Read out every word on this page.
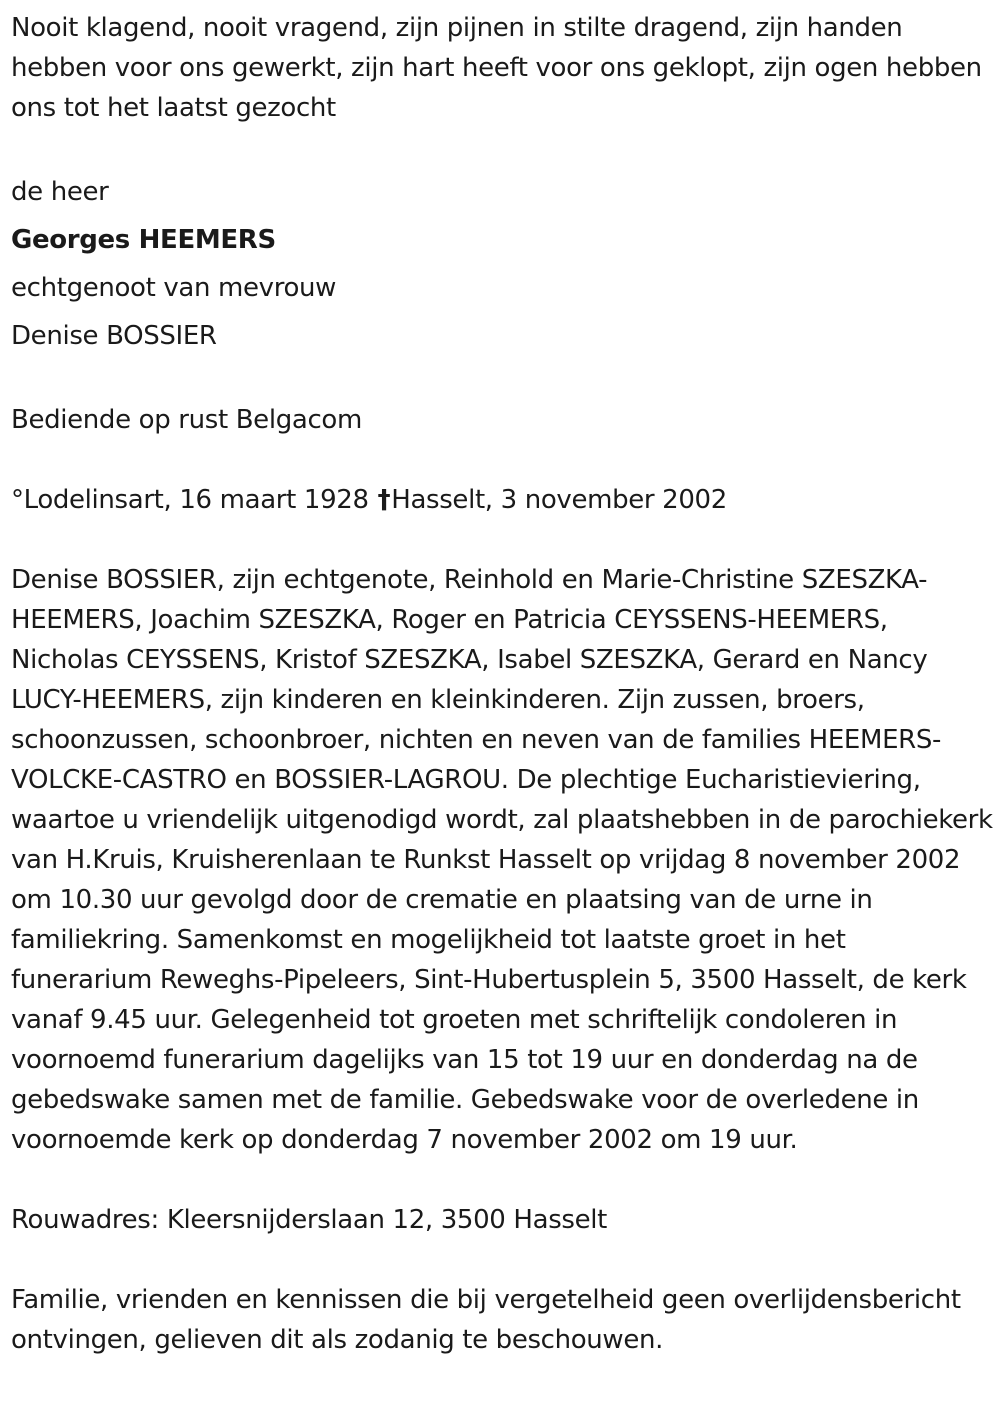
Nooit klagend, nooit vragend, zijn pijnen in stilte dragend, zijn handen hebben voor ons gewerkt, zijn hart heeft voor ons geklopt, zijn ogen hebben ons tot het laatst gezocht

de heer

Georges HEEMERS

echtgenoot van mevrouw

Denise BOSSIER

Bediende op rust Belgacom

°Lodelinsart, 16 maart 1928 †Hasselt, 3 november 2002

Denise BOSSIER, zijn echtgenote, Reinhold en Marie-Christine SZESZKA-HEEMERS, Joachim SZESZKA, Roger en Patricia CEYSSENS-HEEMERS, Nicholas CEYSSENS, Kristof SZESZKA, Isabel SZESZKA, Gerard en Nancy LUCY-HEEMERS, zijn kinderen en kleinkinderen. Zijn zussen, broers, schoonzussen, schoonbroer, nichten en neven van de families HEEMERS-VOLCKE-CASTRO en BOSSIER-LAGROU. De plechtige Eucharistieviering, waartoe u vriendelijk uitgenodigd wordt, zal plaatshebben in de parochiekerk van H.Kruis, Kruisherenlaan te Runkst Hasselt op vrijdag 8 november 2002 om 10.30 uur gevolgd door de crematie en plaatsing van de urne in familiekring. Samenkomst en mogelijkheid tot laatste groet in het funerarium Reweghs-Pipeleers, Sint-Hubertusplein 5, 3500 Hasselt, de kerk vanaf 9.45 uur. Gelegenheid tot groeten met schriftelijk condoleren in voornoemd funerarium dagelijks van 15 tot 19 uur en donderdag na de gebedswake samen met de familie. Gebedswake voor de overledene in voornoemde kerk op donderdag 7 november 2002 om 19 uur.

Rouwadres: Kleersnijderslaan 12, 3500 Hasselt

Familie, vrienden en kennissen die bij vergetelheid geen overlijdensbericht ontvingen, gelieven dit als zodanig te beschouwen.
